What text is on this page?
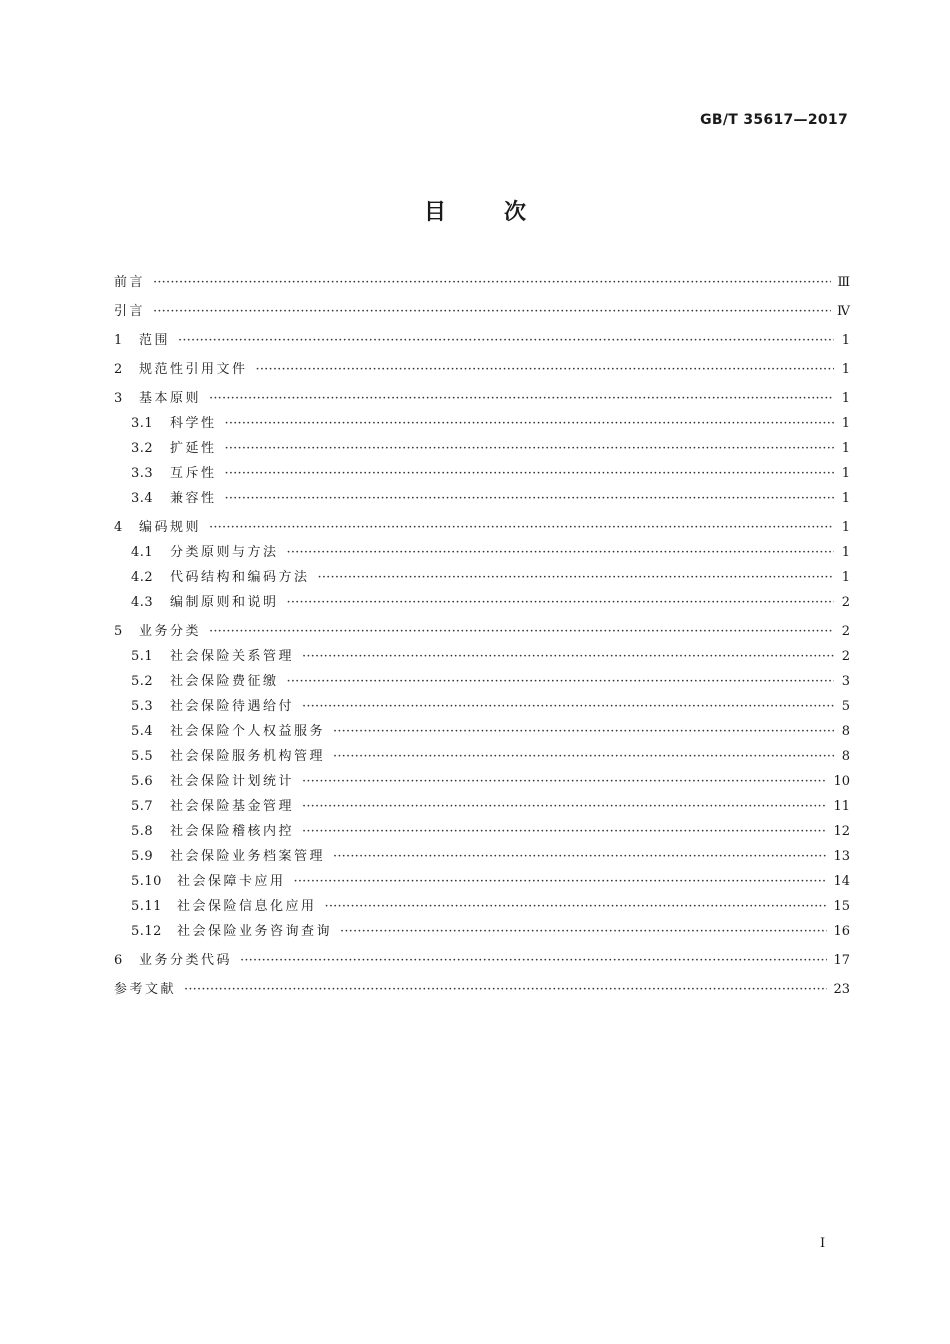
GB/T 35617—2017
目次
前言 ·····	Ⅲ
引言 ·····	Ⅳ
1	范围 ·····	1
2	规范性引用文件 ·····	1
3	基本原则 ·····	1
3.1	科学性 ·····	1
3.2	扩延性 ·····	1
3.3	互斥性 ·····	1
3.4	兼容性 ·····	1
4	编码规则 ·····	1
4.1	分类原则与方法 ·····	1
4.2	代码结构和编码方法 ·····	1
4.3	编制原则和说明 ·····	2
5	业务分类 ·····	2
5.1	社会保险关系管理 ·····	2
5.2	社会保险费征缴 ·····	3
5.3	社会保险待遇给付 ·····	5
5.4	社会保险个人权益服务 ·····	8
5.5	社会保险服务机构管理 ·····	8
5.6	社会保险计划统计 ·····	10
5.7	社会保险基金管理 ·····	11
5.8	社会保险稽核内控 ·····	12
5.9	社会保险业务档案管理 ·····	13
5.10	社会保障卡应用 ·····	14
5.11	社会保险信息化应用 ·····	15
5.12	社会保险业务咨询查询 ·····	16
6	业务分类代码 ·····	17
参考文献 ·····	23
Ⅰ
